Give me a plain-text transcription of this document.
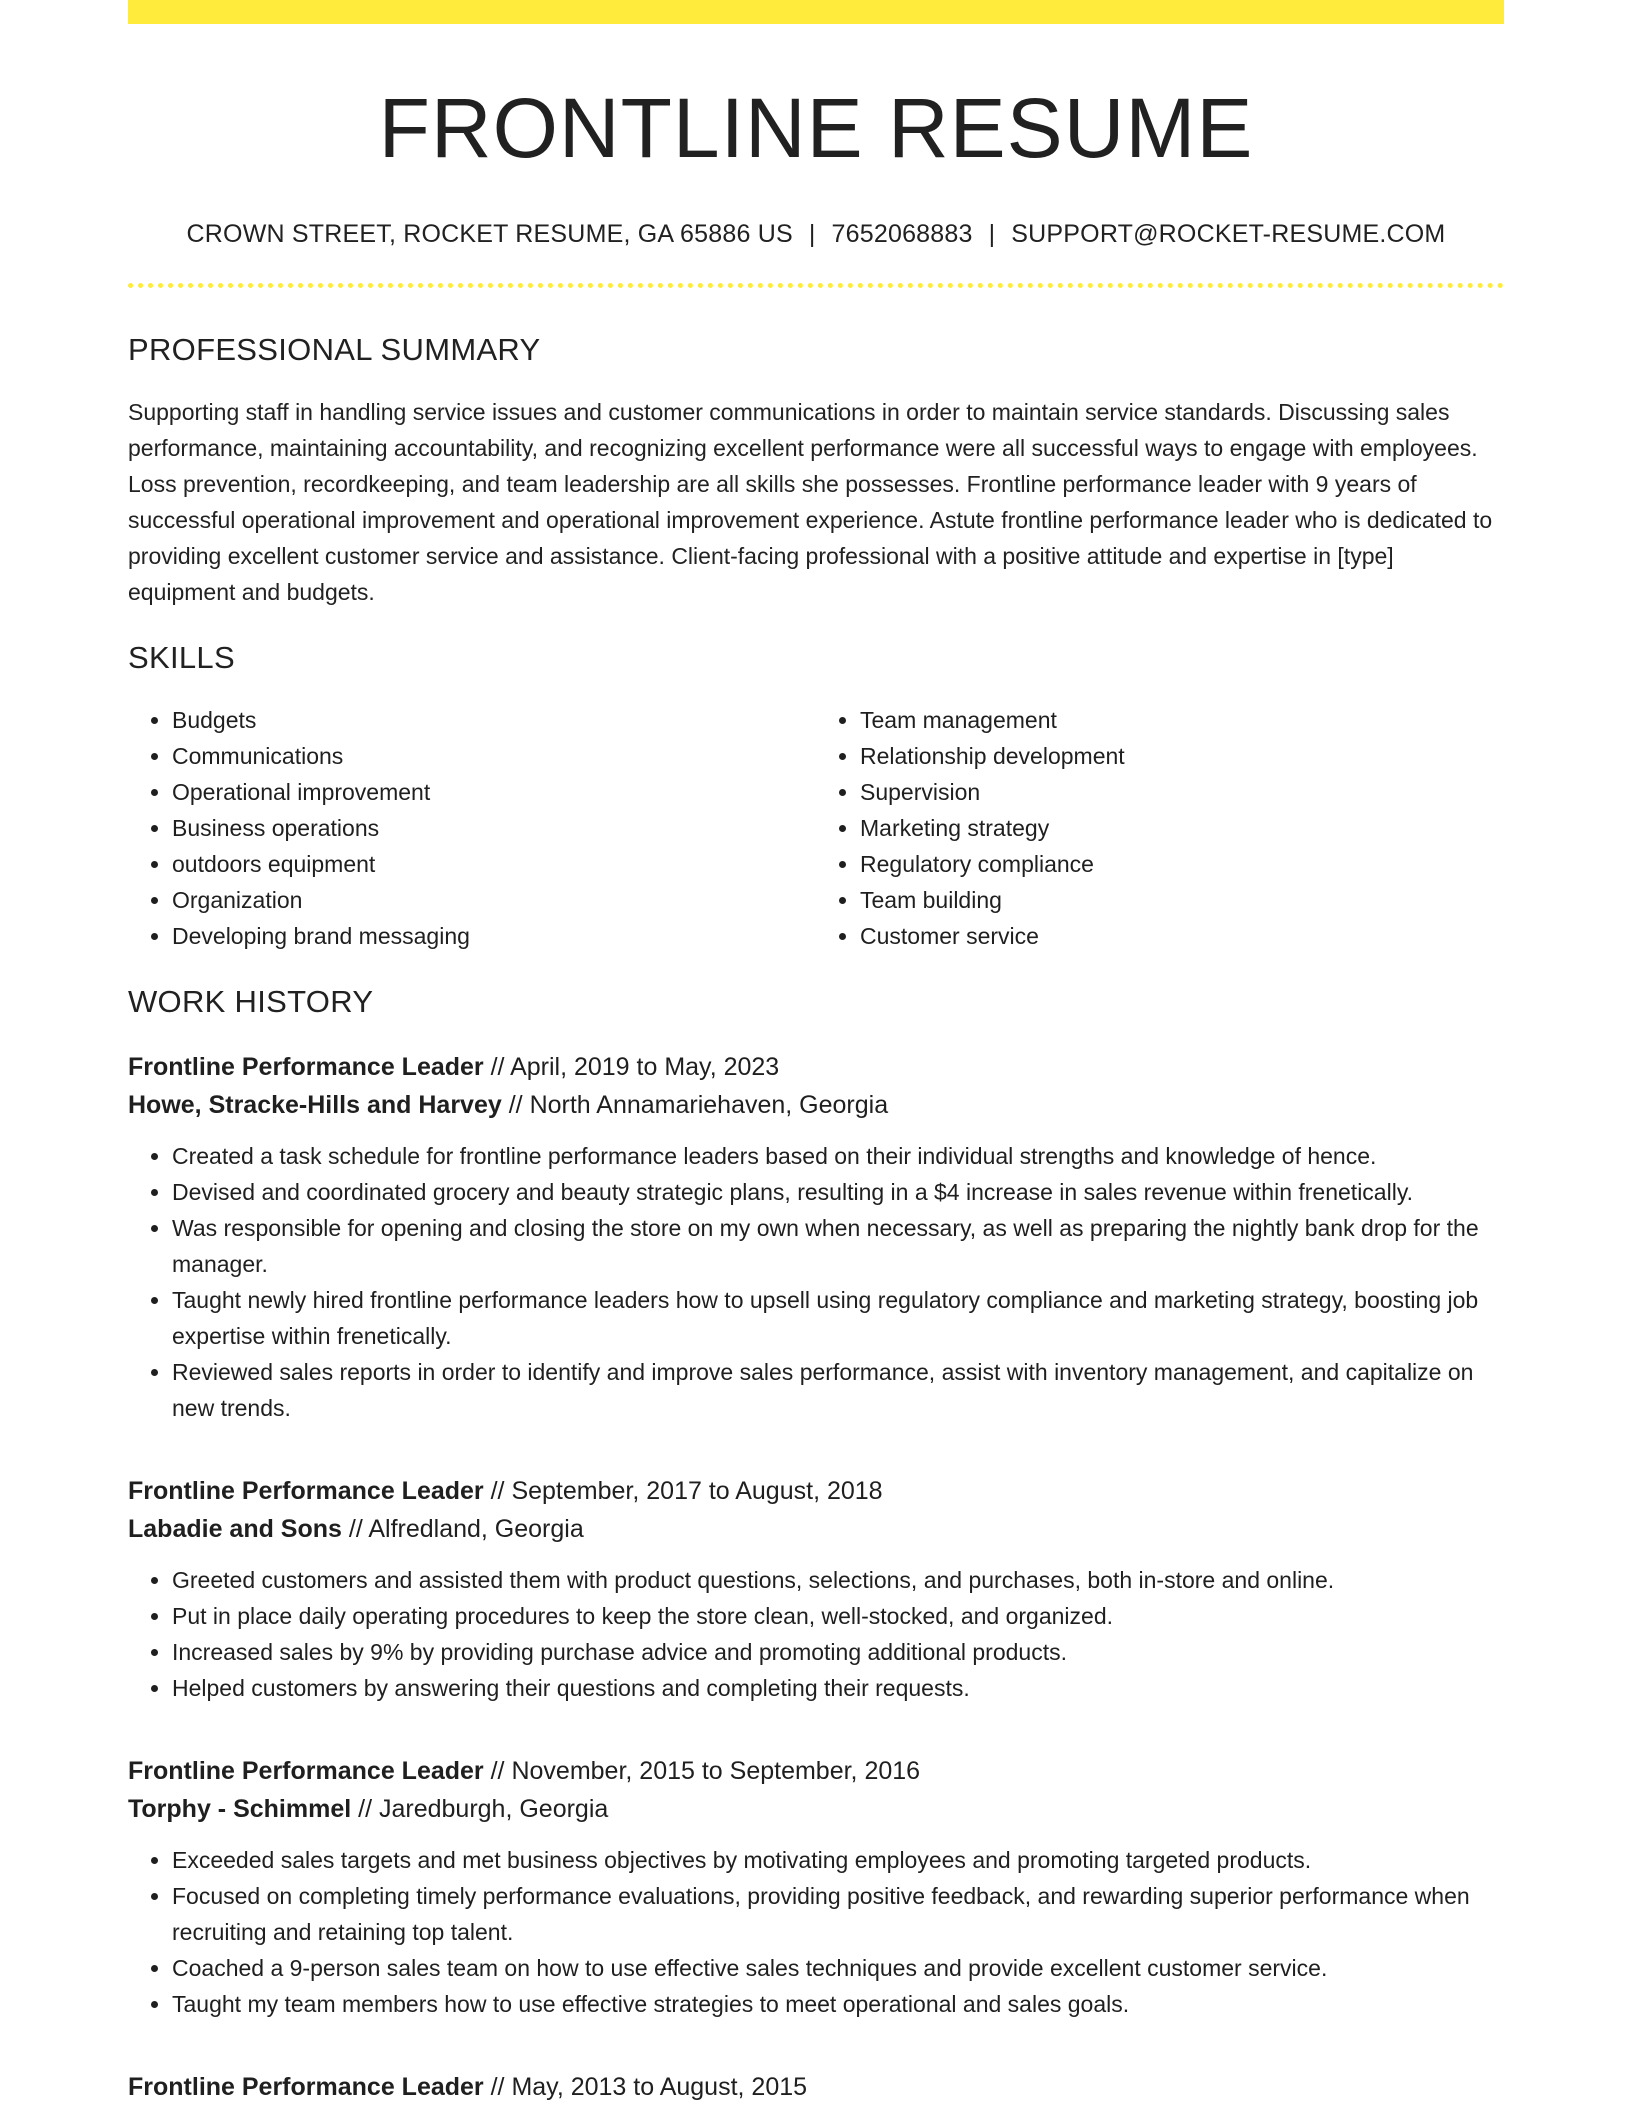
FRONTLINE RESUME
CROWN STREET, ROCKET RESUME, GA 65886 US | 7652068883 | SUPPORT@ROCKET-RESUME.COM
PROFESSIONAL SUMMARY

Supporting staff in handling service issues and customer communications in order to maintain service standards. Discussing sales performance, maintaining accountability, and recognizing excellent performance were all successful ways to engage with employees. Loss prevention, recordkeeping, and team leadership are all skills she possesses. Frontline performance leader with 9 years of successful operational improvement and operational improvement experience. Astute frontline performance leader who is dedicated to providing excellent customer service and assistance. Client-facing professional with a positive attitude and expertise in [type] equipment and budgets.

SKILLS
• Budgets
• Communications
• Operational improvement
• Business operations
• outdoors equipment
• Organization
• Developing brand messaging
• Team management
• Relationship development
• Supervision
• Marketing strategy
• Regulatory compliance
• Team building
• Customer service
WORK HISTORY
Frontline Performance Leader // April, 2019 to May, 2023
Howe, Stracke-Hills and Harvey // North Annamariehaven, Georgia
• Created a task schedule for frontline performance leaders based on their individual strengths and knowledge of hence.
• Devised and coordinated grocery and beauty strategic plans, resulting in a $4 increase in sales revenue within frenetically.
• Was responsible for opening and closing the store on my own when necessary, as well as preparing the nightly bank drop for the manager.
• Taught newly hired frontline performance leaders how to upsell using regulatory compliance and marketing strategy, boosting job expertise within frenetically.
• Reviewed sales reports in order to identify and improve sales performance, assist with inventory management, and capitalize on new trends.
Frontline Performance Leader // September, 2017 to August, 2018
Labadie and Sons // Alfredland, Georgia
• Greeted customers and assisted them with product questions, selections, and purchases, both in-store and online.
• Put in place daily operating procedures to keep the store clean, well-stocked, and organized.
• Increased sales by 9% by providing purchase advice and promoting additional products.
• Helped customers by answering their questions and completing their requests.
Frontline Performance Leader // November, 2015 to September, 2016
Torphy - Schimmel // Jaredburgh, Georgia
• Exceeded sales targets and met business objectives by motivating employees and promoting targeted products.
• Focused on completing timely performance evaluations, providing positive feedback, and rewarding superior performance when recruiting and retaining top talent.
• Coached a 9-person sales team on how to use effective sales techniques and provide excellent customer service.
• Taught my team members how to use effective strategies to meet operational and sales goals.
Frontline Performance Leader // May, 2013 to August, 2015
